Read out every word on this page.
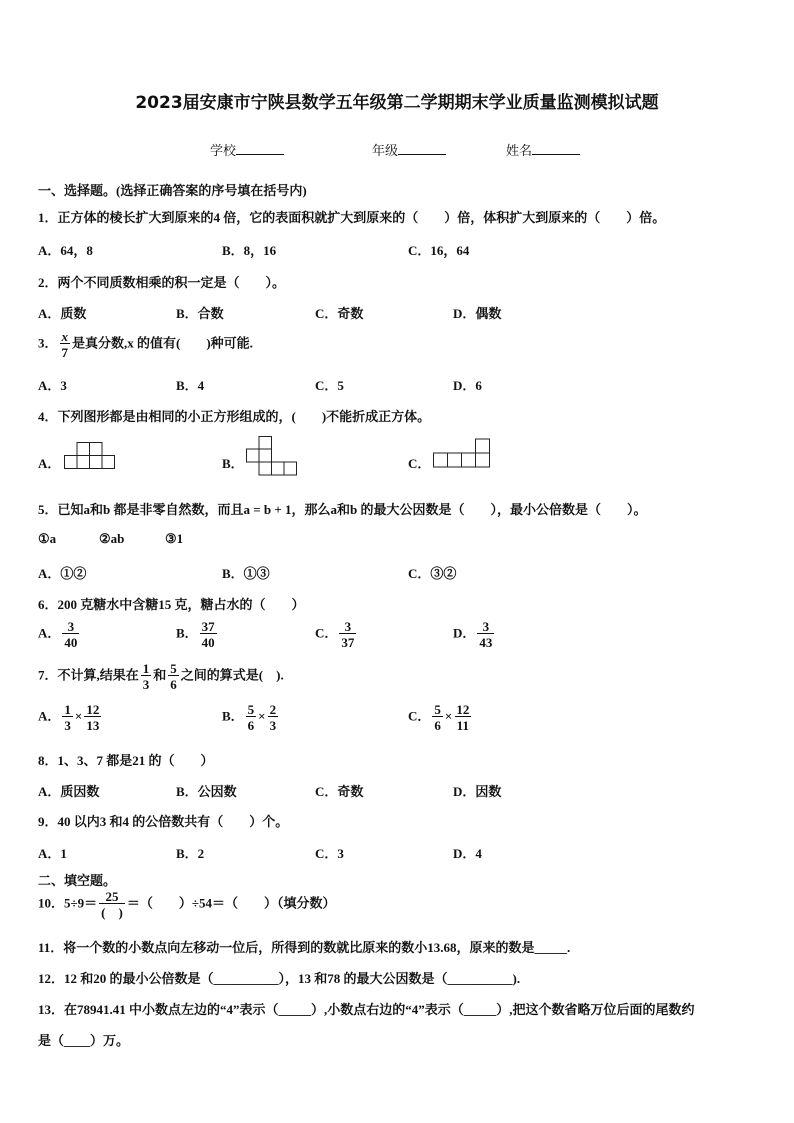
2023届安康市宁陕县数学五年级第二学期期末学业质量监测模拟试题
学校	年级	姓名
一、选择题。(选择正确答案的序号填在括号内)
1．正方体的棱长扩大到原来的4 倍，它的表面积就扩大到原来的（　　）倍，体积扩大到原来的（　　）倍。
A．64，8	B．8，16	C．16，64
2．两个不同质数相乘的积一定是（　　）。
A．质数	B．合数	C．奇数	D．偶数
3． $\frac{x}{7}$ 是真分数,x 的值有(　　)种可能.
A．3	B．4	C．5	D．6
4．下列图形都是由相同的小正方形组成的，(　　)不能折成正方体。
A．	B．	C．
5．已知a和b 都是非零自然数，而且a = b + 1，那么a和b 的最大公因数是（　　），最小公倍数是（　　）。
①a	②ab	③1
A．①②	B．①③	C．③②
6．200 克糖水中含糖15 克，糖占水的（　　）
A． $\frac{3}{40}$	B． $\frac{37}{40}$	C． $\frac{3}{37}$	D． $\frac{3}{43}$
7．不计算,结果在 $\frac{1}{3}$ 和 $\frac{5}{6}$ 之间的算式是(　).
A． $\frac{1}{3} \times \frac{12}{13}$	B． $\frac{5}{6} \times \frac{2}{3}$	C． $\frac{5}{6} \times \frac{12}{11}$
8．1、3、7 都是21 的（　　）
A．质因数	B．公因数	C．奇数	D．因数
9．40 以内3 和4 的公倍数共有（　　）个。
A．1	B．2	C．3	D．4
二、填空题。
10．$5\div 9= \frac{25}{( )}$ ＝（　　）÷54＝（　　）（填分数）
11．将一个数的小数点向左移动一位后，所得到的数就比原来的数小13.68，原来的数是_____.
12．12 和20 的最小公倍数是（__________），13 和78 的最大公因数是（__________).
13．在78941.41 中小数点左边的“4”表示（_____）,小数点右边的“4”表示（_____）,把这个数省略万位后面的尾数约
是（____）万。
